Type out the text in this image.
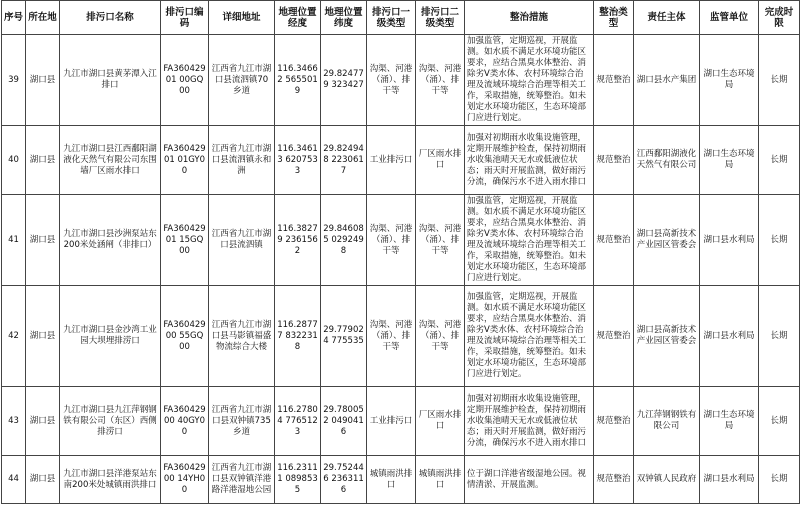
序号	所在地	排污口名称	排污口编码	详细地址	地理位置经度	地理位置纬度	排污口一级类型	排污口二级类型	整治措施	整治类型	责任主体	监管单位	完成时限
39	湖口县	九江市湖口县黄茅潭入江排口	FA36042901 00GQ00	江西省九江市湖口县流泗镇70乡道	116.34662 5655019	29.824779 323427	沟渠、河港（涌）、排干等	沟渠、河港（涌）、排干等	加强监管，定期巡视，开展监测。如水质不满足水环境功能区要求，应结合黑臭水体整治、消除劣V类水体、农村环境综合治理及流域环境综合治理等相关工作，采取措施，统筹整治。如未划定水环境功能区，生态环境部门应进行划定。	规范整治	湖口县水产集团	湖口生态环境局	长期
40	湖口县	九江市湖口县江西鄱阳湖液化天然气有限公司东围墙厂区雨水排口	FA36042901 01GY00	江西省九江市湖口县流泗镇永和洲	116.34613 6207533	29.824948 2230617	工业排污口	厂区雨水排口	加强对初期雨水收集设施管理，定期开展维护检查，保持初期雨水收集池晴天无水或低液位状态；雨天时开展监测，做好雨污分流，确保污水不进入雨水排口	规范整治	江西鄱阳湖液化天然气有限公司	湖口生态环境局	长期
41	湖口县	九江市湖口县沙洲泵站东200米处涵闸（非排口）	FA36042901 15GQ00	江西省九江市湖口县流泗镇	116.38279 2361562	29.846085 0292498	沟渠、河港（涌）、排干等	沟渠、河港（涌）、排干等	加强监管，定期巡视，开展监测。如水质不满足水环境功能区要求，应结合黑臭水体整治、消除劣V类水体、农村环境综合治理及流域环境综合治理等相关工作，采取措施，统筹整治。如未划定水环境功能区，生态环境部门应进行划定。	规范整治	湖口县高新技术产业园区管委会	湖口县水利局	长期
42	湖口县	九江市湖口县金沙湾工业园大坝埋排涝口	FA36042900 55GQ00	江西省九江市湖口县马影镇福盛物流综合大楼	116.28777 8322318	29.779024 775535	沟渠、河港（涌）、排干等	沟渠、河港（涌）、排干等	加强监管，定期巡视，开展监测。如水质不满足水环境功能区要求，应结合黑臭水体整治、消除劣V类水体、农村环境综合治理及流域环境综合治理等相关工作，采取措施，统筹整治。如未划定水环境功能区，生态环境部门应进行划定。	规范整治	湖口县高新技术产业园区管委会	湖口县水利局	长期
43	湖口县	九江市湖口县九江萍钢钢铁有限公司（东区）西侧排涝口	FA36042900 40GY00	江西省九江市湖口县双钟镇735乡道	116.27804 7765123	29.780052 0490416	工业排污口	厂区雨水排口	加强对初期雨水收集设施管理，定期开展维护检查，保持初期雨水收集池晴天无水或低液位状态；雨天时开展监测，做好雨污分流，确保污水不进入雨水排口	规范整治	九江萍钢钢铁有限公司	湖口生态环境局	长期
44	湖口县	九江市湖口县洋港泵站东南200米处城镇雨洪排口	FA36042900 14YH00	江西省九江市湖口县双钟镇洋港路洋港湿地公园	116.23111 0898535	29.752446 2363116	城镇雨洪排口	城镇雨洪排口	位于湖口洋港省级湿地公园。视情清淤、开展监测。	规范整治	双钟镇人民政府	湖口县水利局	长期
